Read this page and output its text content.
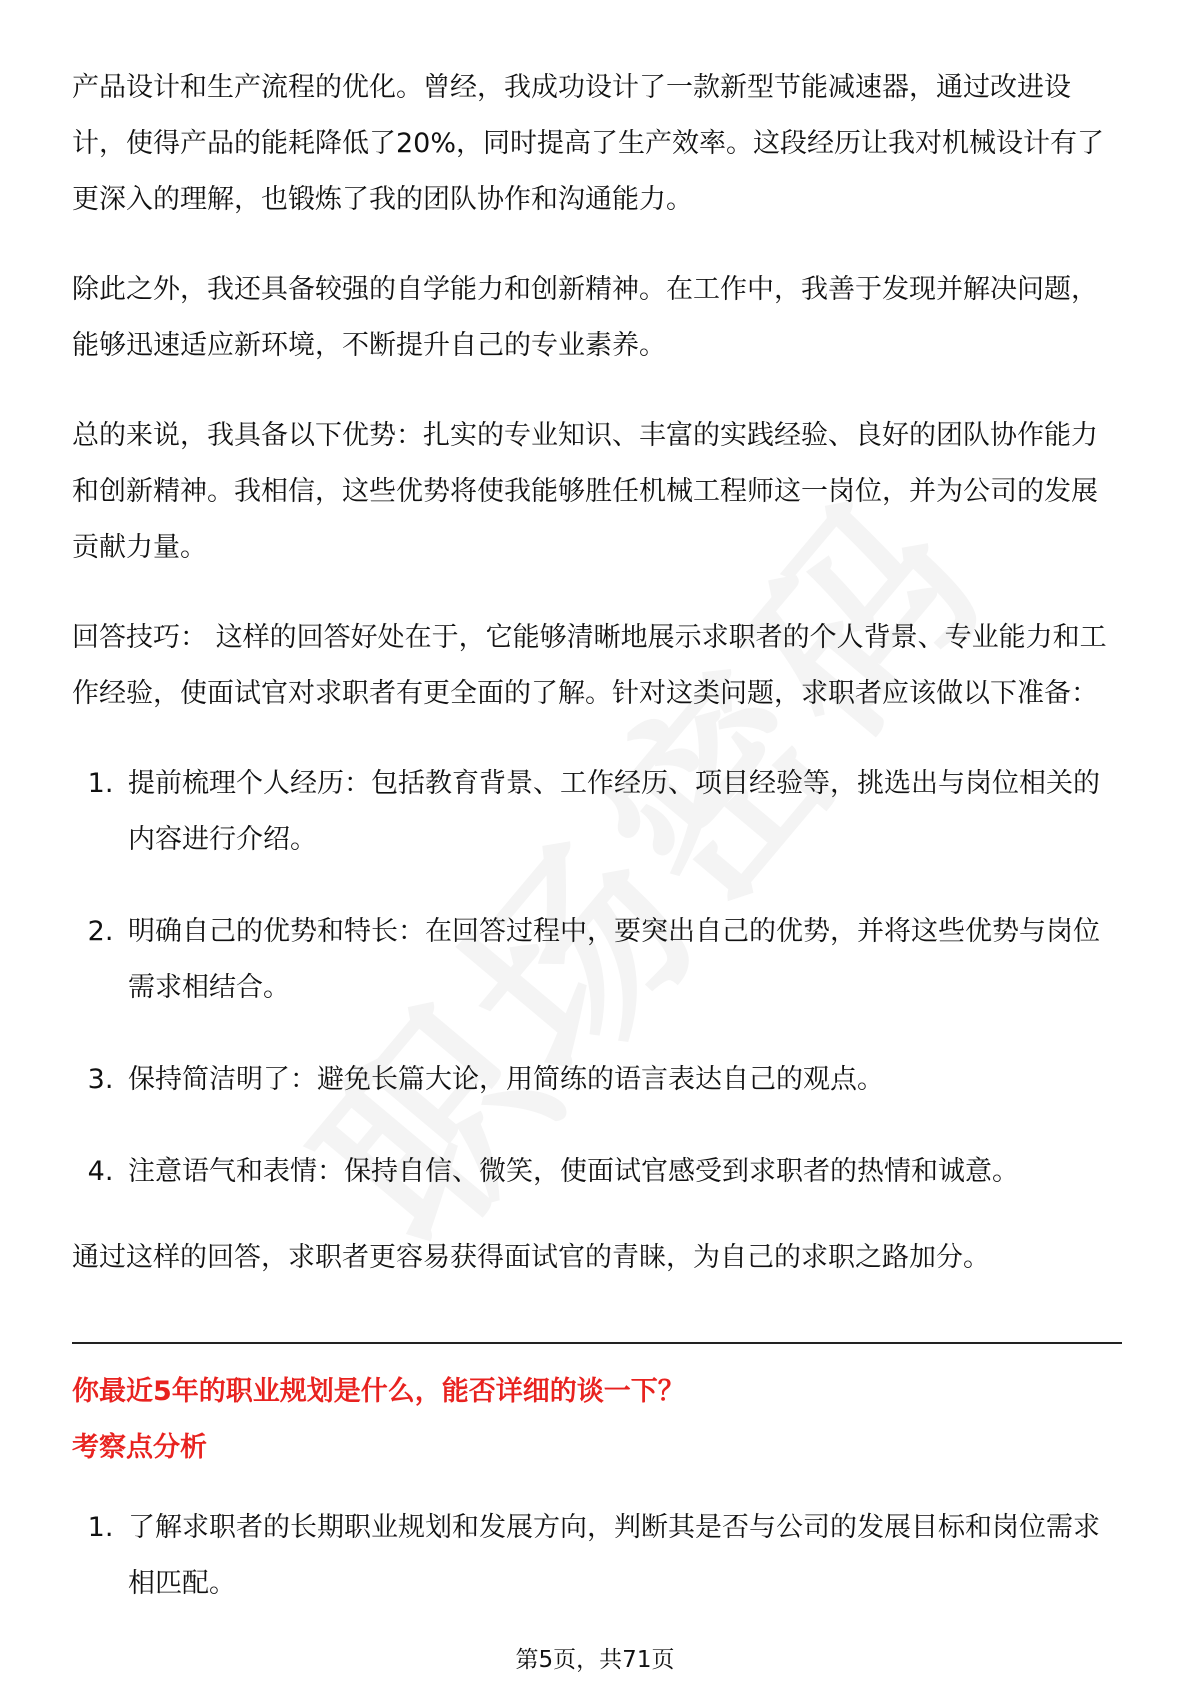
产品设计和生产流程的优化。曾经，我成功设计了一款新型节能减速器，通过改进设计，使得产品的能耗降低了20%，同时提高了生产效率。这段经历让我对机械设计有了更深入的理解，也锻炼了我的团队协作和沟通能力。

除此之外，我还具备较强的自学能力和创新精神。在工作中，我善于发现并解决问题，能够迅速适应新环境，不断提升自己的专业素养。

总的来说，我具备以下优势：扎实的专业知识、丰富的实践经验、良好的团队协作能力和创新精神。我相信，这些优势将使我能够胜任机械工程师这一岗位，并为公司的发展贡献力量。

回答技巧： 这样的回答好处在于，它能够清晰地展示求职者的个人背景、专业能力和工作经验，使面试官对求职者有更全面的了解。针对这类问题，求职者应该做以下准备：

1. 提前梳理个人经历：包括教育背景、工作经历、项目经验等，挑选出与岗位相关的内容进行介绍。
2. 明确自己的优势和特长：在回答过程中，要突出自己的优势，并将这些优势与岗位需求相结合。
3. 保持简洁明了：避免长篇大论，用简练的语言表达自己的观点。
4. 注意语气和表情：保持自信、微笑，使面试官感受到求职者的热情和诚意。

通过这样的回答，求职者更容易获得面试官的青睐，为自己的求职之路加分。

你最近5年的职业规划是什么，能否详细的谈一下？

考察点分析

1. 了解求职者的长期职业规划和发展方向，判断其是否与公司的发展目标和岗位需求相匹配。
第5页，共71页
